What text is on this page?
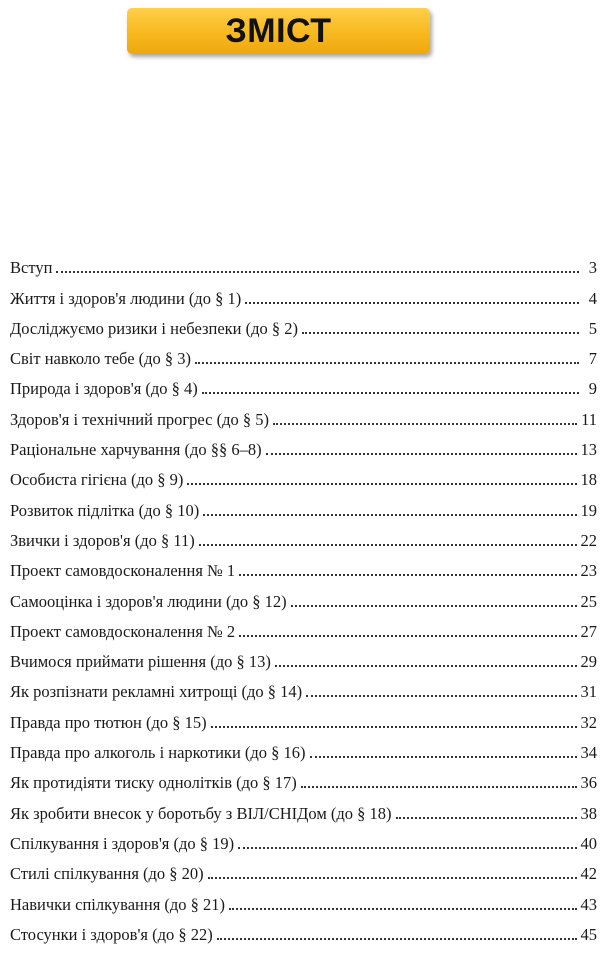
ЗМІСТ
Вступ	3
Життя і здоров'я людини (до § 1)	4
Досліджуємо ризики і небезпеки (до § 2)	5
Світ навколо тебе (до § 3)	7
Природа і здоров'я (до § 4)	9
Здоров'я і технічний прогрес (до § 5)	11
Раціональне харчування (до §§ 6–8)	13
Особиста гігієна (до § 9)	18
Розвиток підлітка (до § 10)	19
Звички і здоров'я (до § 11)	22
Проект самовдосконалення № 1	23
Самооцінка і здоров'я людини (до § 12)	25
Проект самовдосконалення № 2	27
Вчимося приймати рішення (до § 13)	29
Як розпізнати рекламні хитрощі (до § 14)	31
Правда про тютюн (до § 15)	32
Правда про алкоголь і наркотики (до § 16)	34
Як протидіяти тиску однолітків (до § 17)	36
Як зробити внесок у боротьбу з ВІЛ/СНІДом (до § 18)	38
Спілкування і здоров'я (до § 19)	40
Стилі спілкування (до § 20)	42
Навички спілкування (до § 21)	43
Стосунки і здоров'я (до § 22)	45
